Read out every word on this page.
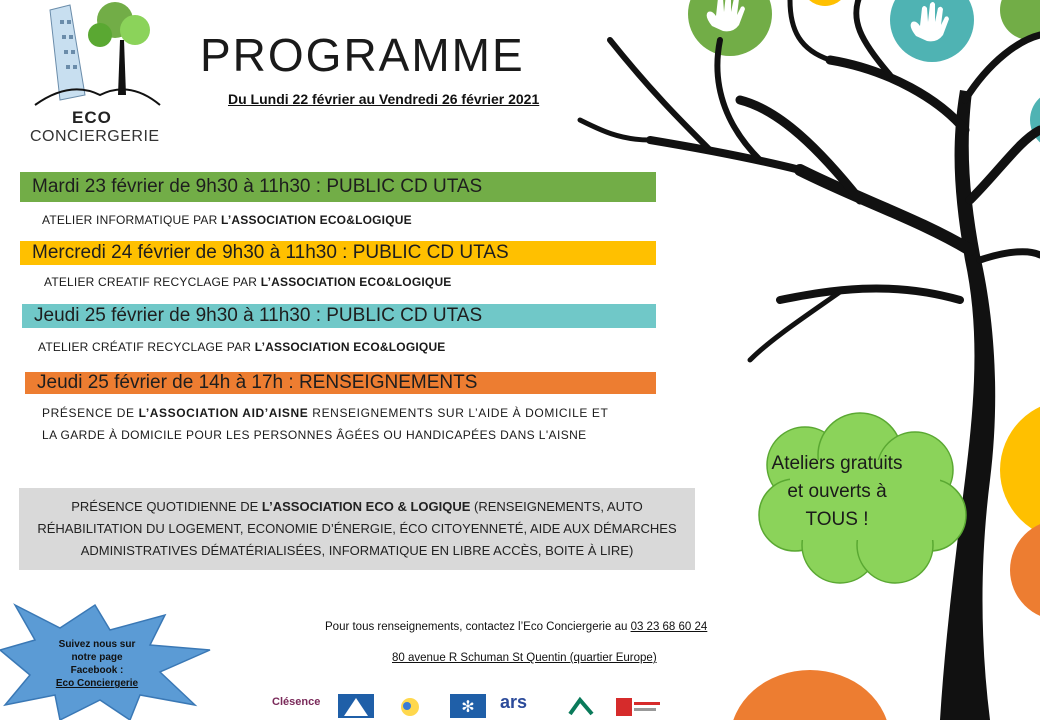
ECO
CONCIERGERIE
PROGRAMME
Du Lundi 22 février au Vendredi 26 février 2021
Mardi 23 février de 9h30 à 11h30 : PUBLIC CD UTAS
ATELIER INFORMATIQUE PAR L’ASSOCIATION ECO&LOGIQUE
Mercredi 24 février de 9h30 à 11h30 : PUBLIC CD UTAS
ATELIER CREATIF RECYCLAGE PAR L’ASSOCIATION ECO&LOGIQUE
Jeudi 25 février de 9h30 à 11h30 : PUBLIC CD UTAS
ATELIER CRÉATIF RECYCLAGE PAR L’ASSOCIATION ECO&LOGIQUE
Jeudi 25 février de 14h à 17h : RENSEIGNEMENTS
PRÉSENCE DE L’ASSOCIATION AID’AISNE RENSEIGNEMENTS SUR L’AIDE À DOMICILE ET
LA GARDE À DOMICILE POUR LES PERSONNES ÂGÉES OU HANDICAPÉES DANS L'AISNE
PRÉSENCE QUOTIDIENNE DE L’ASSOCIATION ECO & LOGIQUE (RENSEIGNEMENTS, AUTO
RÉHABILITATION DU LOGEMENT, ECONOMIE D’ÉNERGIE, ÉCO CITOYENNETÉ, AIDE AUX DÉMARCHES
ADMINISTRATIVES DÉMATÉRIALISÉES, INFORMATIQUE EN LIBRE ACCÈS, BOITE À LIRE)
Ateliers gratuits
et ouverts à
TOUS !
Suivez nous sur
notre page
Facebook :
Eco Conciergerie
Pour tous renseignements, contactez l’Eco Conciergerie au 03 23 68 60 24
80 avenue R Schuman St Quentin (quartier Europe)
Clésence	✻ ars
